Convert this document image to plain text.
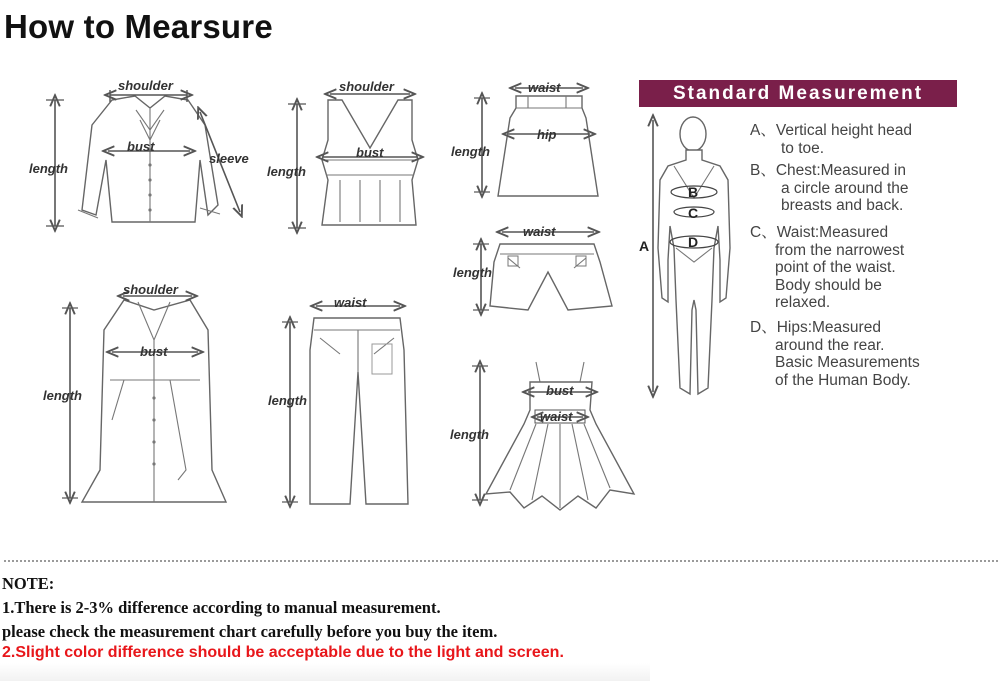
How to Mearsure
shoulder
bust
length
sleeve
shoulder
bust
length
waist
hip
length
waist
length
shoulder
bust
length
waist
length
bust
waist
length
A
B
C
D
Standard Measurement
A、Vertical height head
to toe.
B、Chest:Measured in
a circle around the
breasts and back.
C、Waist:Measured
from the narrowest
point of the waist.
Body should be
relaxed.
D、Hips:Measured
around the rear.
Basic Measurements
of the Human Body.
NOTE:
1.There is 2-3% difference according to manual measurement.
please check the measurement chart carefully before you buy the item.
2.Slight color difference should be acceptable due to the light and screen.
